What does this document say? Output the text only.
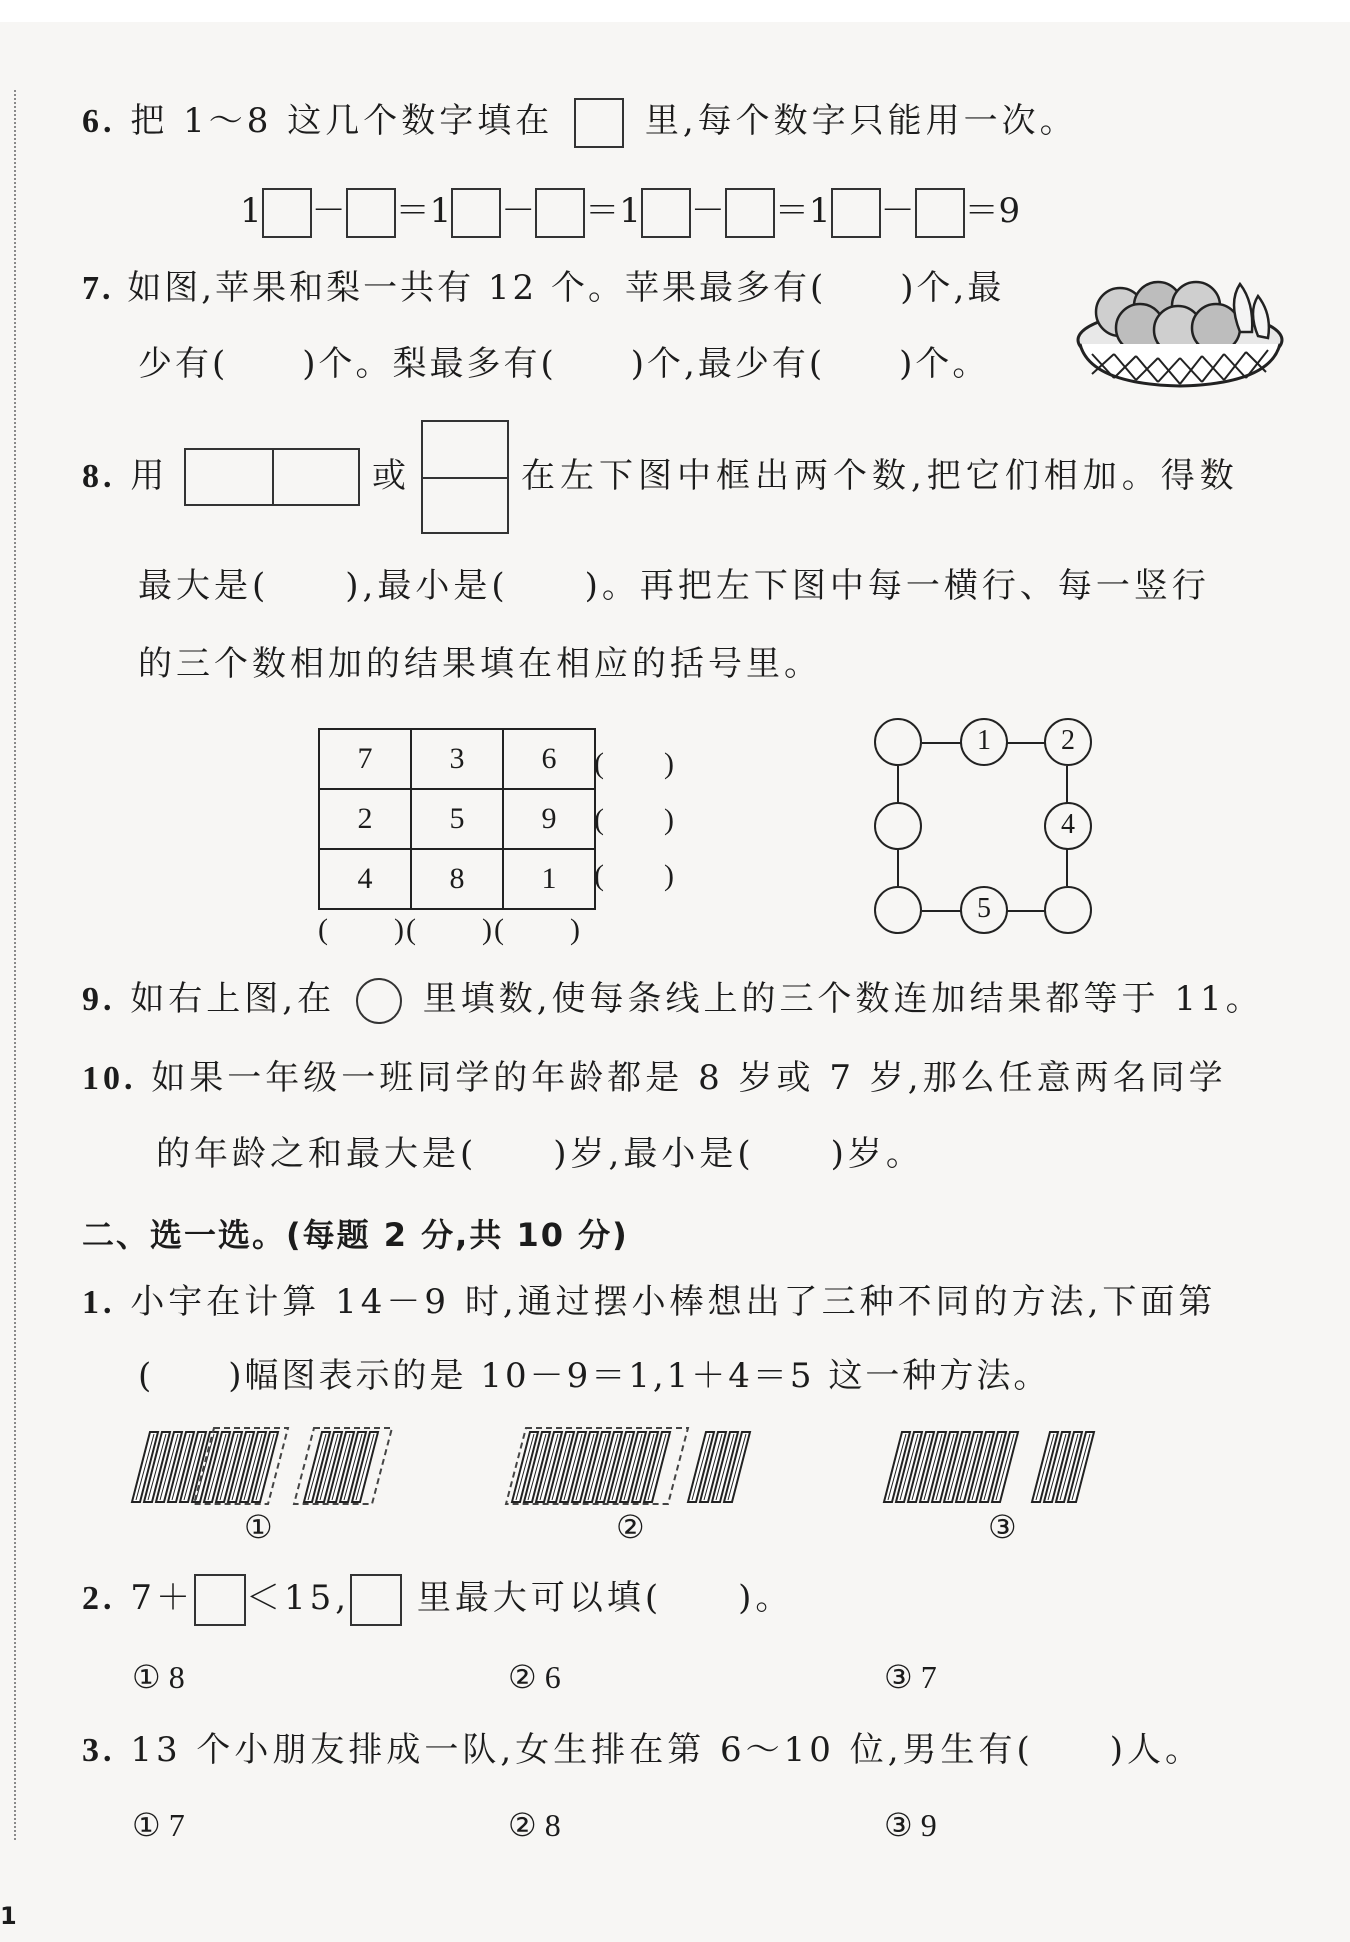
6. 把 1～8 这几个数字填在	里,每个数字只能用一次。
1 － ＝1 － ＝1 － ＝1 － ＝9
7. 如图,苹果和梨一共有 12 个。苹果最多有(　　)个,最
少有(　　)个。梨最多有(　　)个,最少有(　　)个。
8. 用	或	在左下图中框出两个数,把它们相加。得数
最大是(　　),最小是(　　)。再把左下图中每一横行、每一竖行
的三个数相加的结果填在相应的括号里。
7	3	6
2	5	9
4	8	1
(　　)
(　　)
(　　)
(　　)(　　)(　　)
1	2
4
5
9. 如右上图,在	里填数,使每条线上的三个数连加结果都等于 11。
10. 如果一年级一班同学的年龄都是 8 岁或 7 岁,那么任意两名同学
的年龄之和最大是(　　)岁,最小是(　　)岁。
二、选一选。(每题 2 分,共 10 分)
1. 小宇在计算 14－9 时,通过摆小棒想出了三种不同的方法,下面第
(　　)幅图表示的是 10－9＝1,1＋4＝5 这一种方法。
①	②	③
2. 7＋ ＜15, 里最大可以填(　　)。
① 8	② 6	③ 7
3. 13 个小朋友排成一队,女生排在第 6～10 位,男生有(　　)人。
① 7	② 8	③ 9
1
